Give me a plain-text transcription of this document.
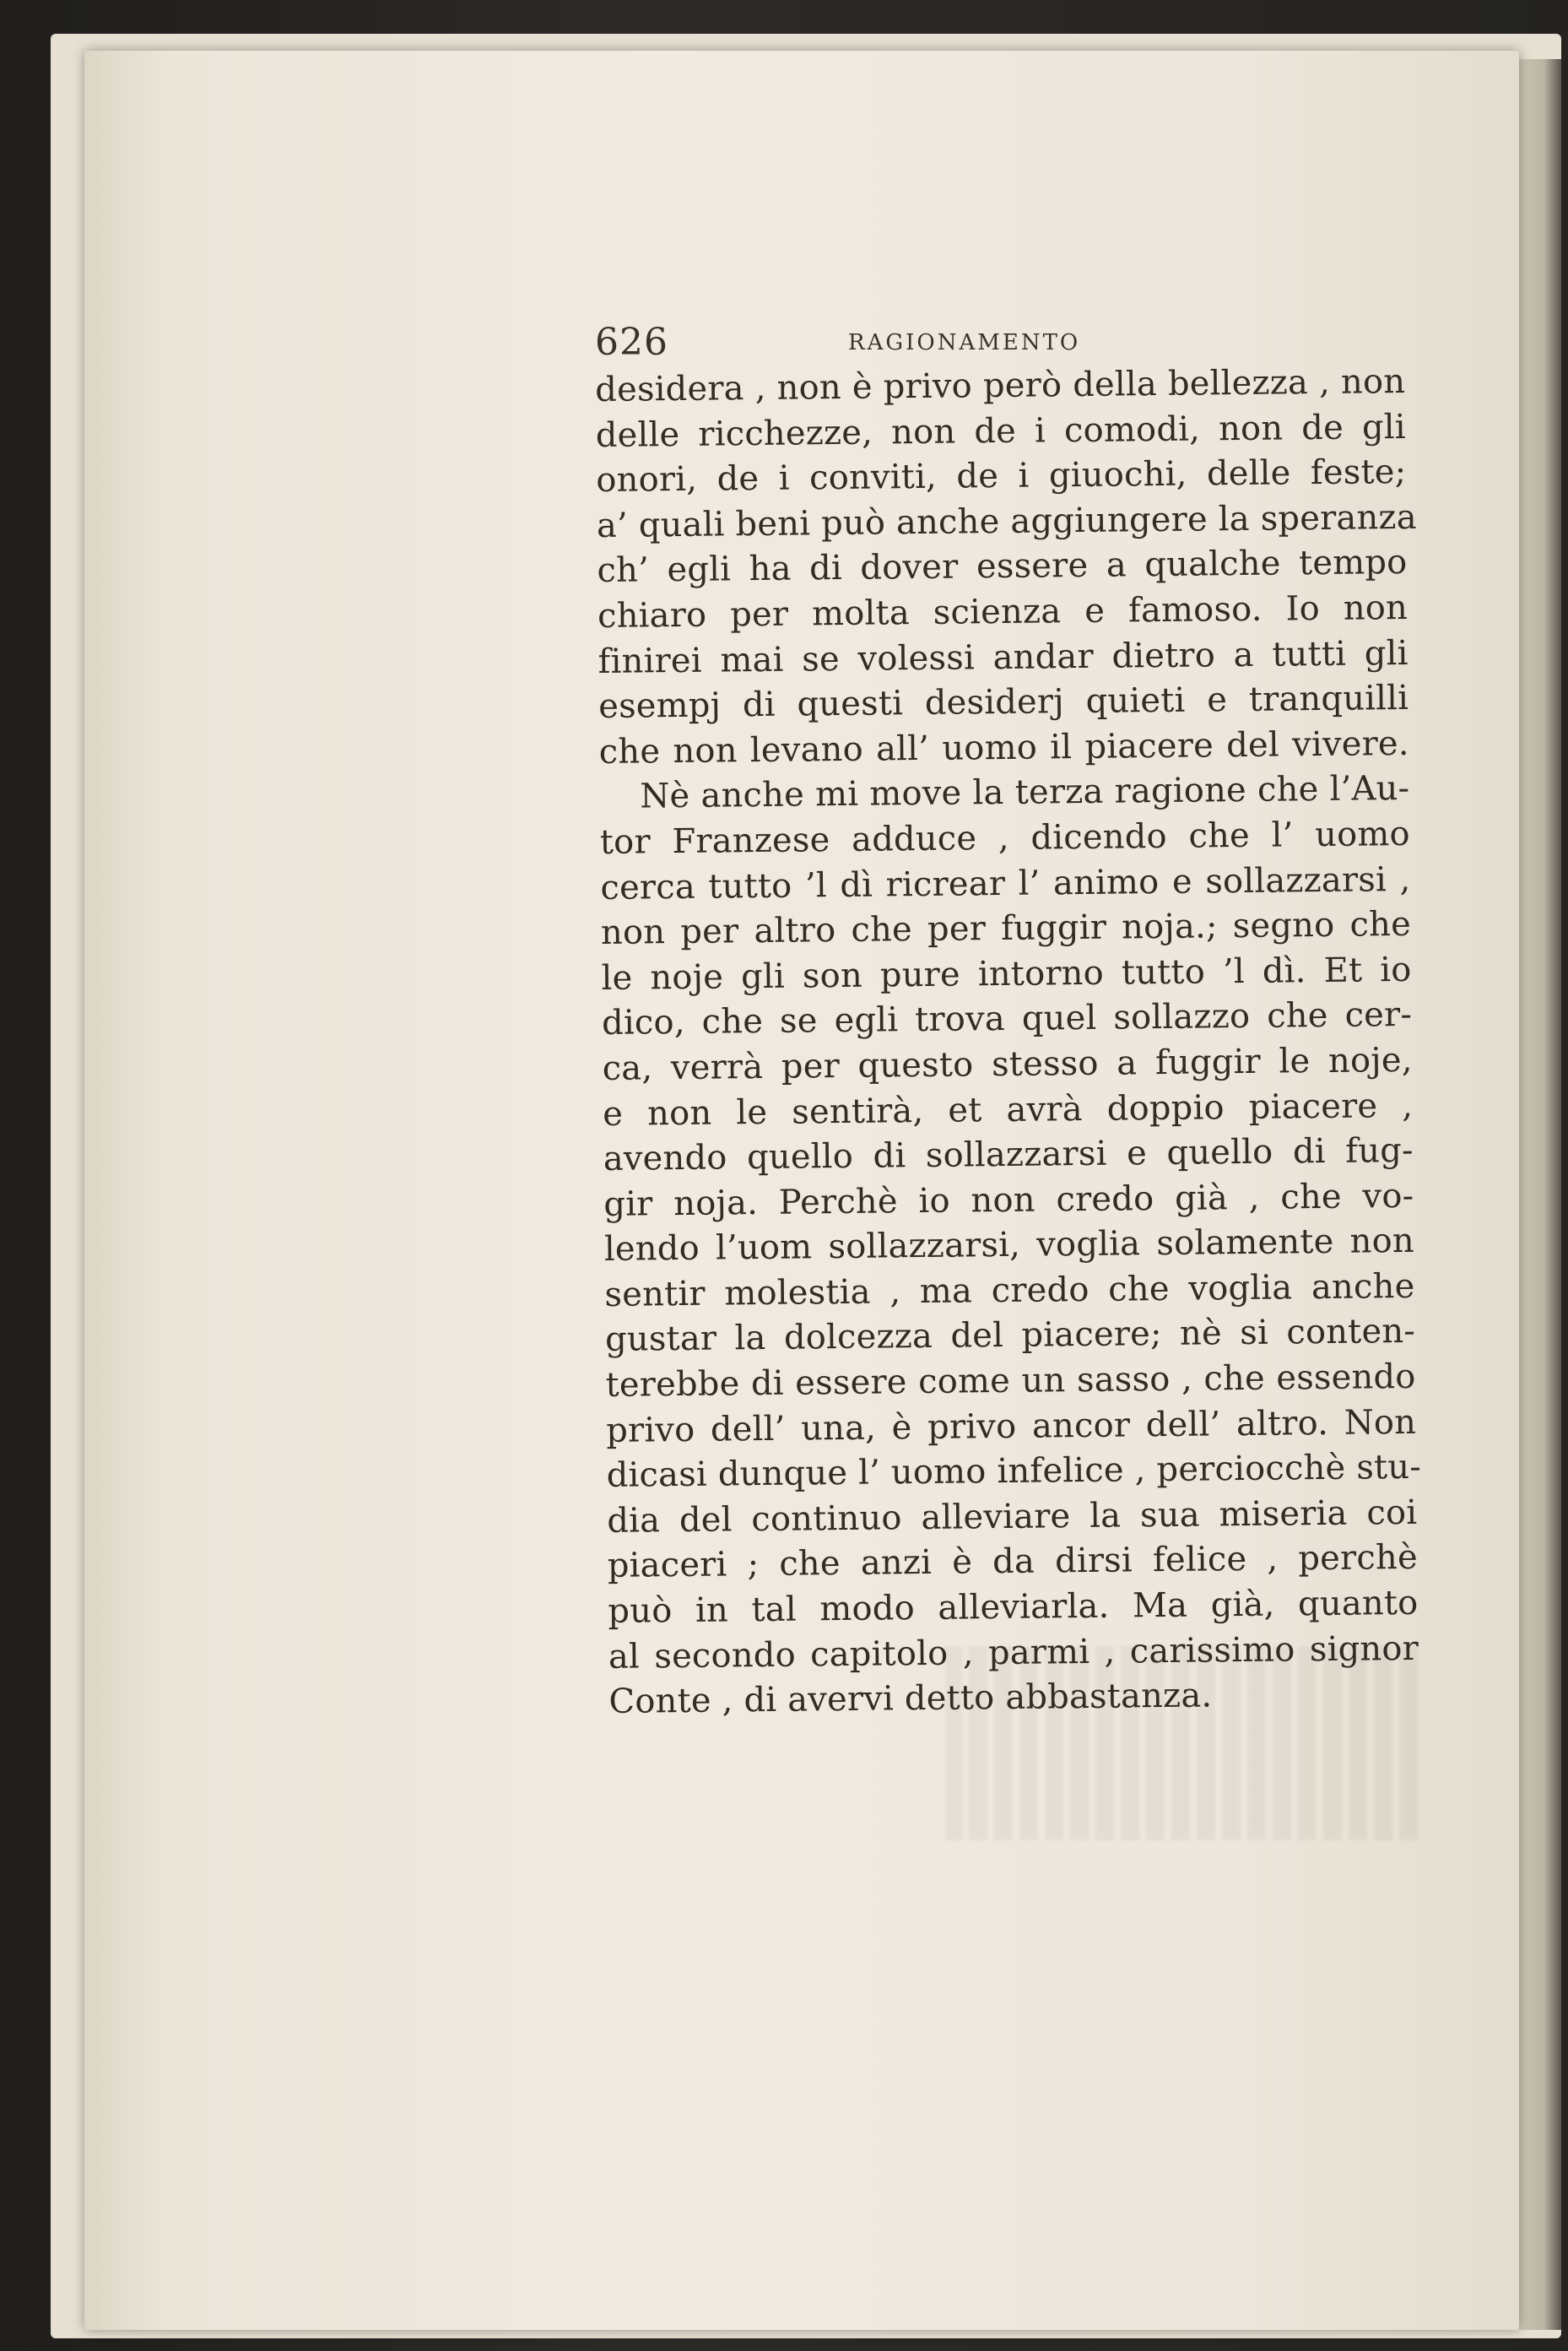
626	RAGIONAMENTO
desidera , non è privo però della bellezza , non
delle ricchezze, non de i comodi, non de gli
onori, de i conviti, de i giuochi, delle feste;
a’ quali beni può anche aggiungere la speranza
ch’ egli ha di dover essere a qualche tempo
chiaro per molta scienza e famoso. Io non
finirei mai se volessi andar dietro a tutti gli
esempj di questi desiderj quieti e tranquilli
che non levano all’ uomo il piacere del vivere.
Nè anche mi move la terza ragione che l’Au-
tor Franzese adduce , dicendo che l’ uomo
cerca tutto ’l dì ricrear l’ animo e sollazzarsi ,
non per altro che per fuggir noja.; segno che
le noje gli son pure intorno tutto ’l dì. Et io
dico, che se egli trova quel sollazzo che cer-
ca, verrà per questo stesso a fuggir le noje,
e non le sentirà, et avrà doppio piacere ,
avendo quello di sollazzarsi e quello di fug-
gir noja. Perchè io non credo già , che vo-
lendo l’uom sollazzarsi, voglia solamente non
sentir molestia , ma credo che voglia anche
gustar la dolcezza del piacere; nè si conten-
terebbe di essere come un sasso , che essendo
privo dell’ una, è privo ancor dell’ altro. Non
dicasi dunque l’ uomo infelice , perciocchè stu-
dia del continuo alleviare la sua miseria coi
piaceri ; che anzi è da dirsi felice , perchè
può in tal modo alleviarla. Ma già, quanto
al secondo capitolo , parmi , carissimo signor
Conte , di avervi detto abbastanza.
